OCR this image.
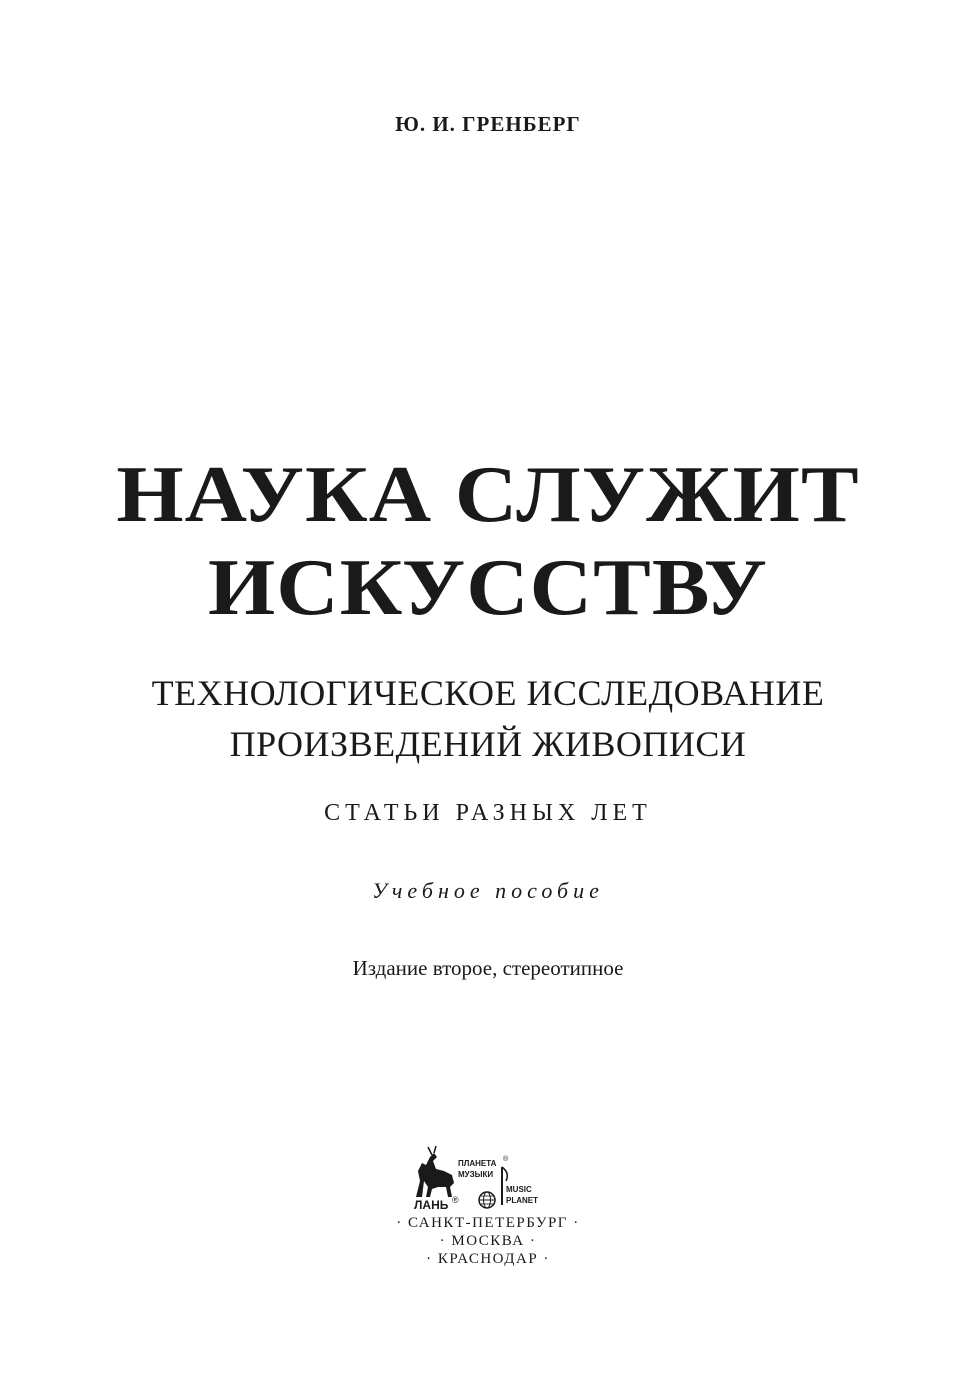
Ю. И. ГРЕНБЕРГ
НАУКА СЛУЖИТ
ИСКУССТВУ
ТЕХНОЛОГИЧЕСКОЕ ИССЛЕДОВАНИЕ
ПРОИЗВЕДЕНИЙ ЖИВОПИСИ
СТАТЬИ РАЗНЫХ ЛЕТ
Учебное пособие
Издание второе, стереотипное
ЛАНЬ ®
ПЛАНЕТА
МУЗЫКИ
®
MUSIC
PLANET
· САНКТ-ПЕТЕРБУРГ ·
· МОСКВА ·
· КРАСНОДАР ·
